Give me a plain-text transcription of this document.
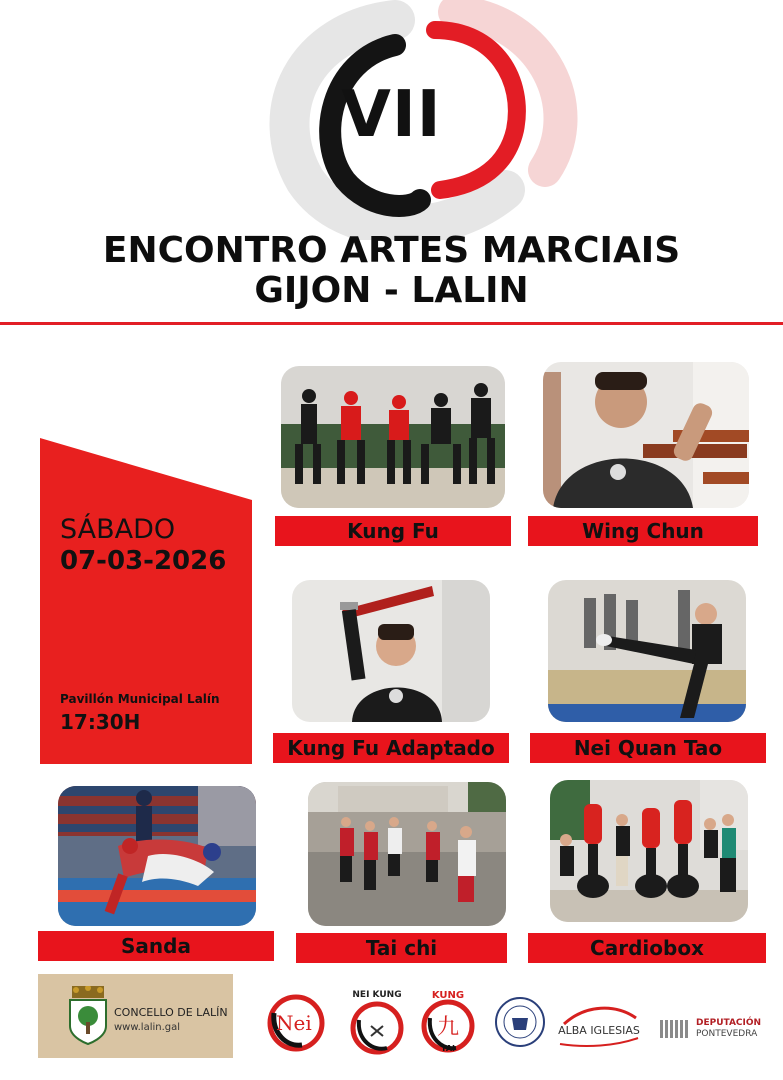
VII
ENCONTRO ARTES MARCIAIS
GIJON - LALIN
SÁBADO
07-03-2026
Pavillón Municipal Lalín
17:30H
Kung Fu	Wing Chun
Kung Fu Adaptado	Nei Quan Tao
Sanda	Tai chi	Cardiobox
CONCELLO DE LALÍN
www.lalin.gal	Nei
NEI KUNG
九
KUNG
TAI
ALBA IGLESIAS
DEPUTACIÓN
PONTEVEDRA
